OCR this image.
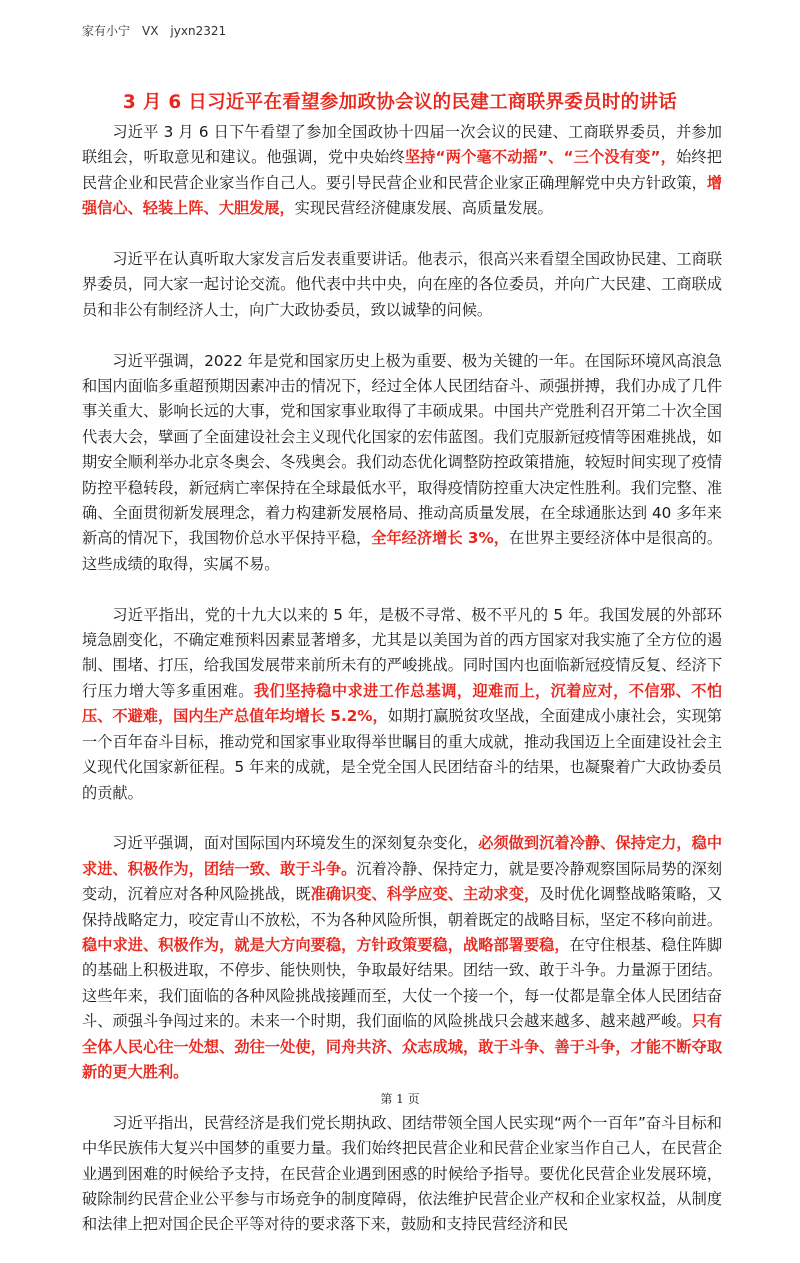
家有小宁　VX　jyxn2321
3 月 6 日习近平在看望参加政协会议的民建工商联界委员时的讲话

习近平 3 月 6 日下午看望了参加全国政协十四届一次会议的民建、工商联界委员，并参加联组会，听取意见和建议。他强调，党中央始终坚持“两个毫不动摇”、“三个没有变”，始终把民营企业和民营企业家当作自己人。要引导民营企业和民营企业家正确理解党中央方针政策，增强信心、轻装上阵、大胆发展，实现民营经济健康发展、高质量发展。

习近平在认真听取大家发言后发表重要讲话。他表示，很高兴来看望全国政协民建、工商联界委员，同大家一起讨论交流。他代表中共中央，向在座的各位委员，并向广大民建、工商联成员和非公有制经济人士，向广大政协委员，致以诚挚的问候。

习近平强调，2022 年是党和国家历史上极为重要、极为关键的一年。在国际环境风高浪急和国内面临多重超预期因素冲击的情况下，经过全体人民团结奋斗、顽强拼搏，我们办成了几件事关重大、影响长远的大事，党和国家事业取得了丰硕成果。中国共产党胜利召开第二十次全国代表大会，擘画了全面建设社会主义现代化国家的宏伟蓝图。我们克服新冠疫情等困难挑战，如期安全顺利举办北京冬奥会、冬残奥会。我们动态优化调整防控政策措施，较短时间实现了疫情防控平稳转段，新冠病亡率保持在全球最低水平，取得疫情防控重大决定性胜利。我们完整、准确、全面贯彻新发展理念，着力构建新发展格局、推动高质量发展，在全球通胀达到 40 多年来新高的情况下，我国物价总水平保持平稳，全年经济增长 3%，在世界主要经济体中是很高的。这些成绩的取得，实属不易。

习近平指出，党的十九大以来的 5 年，是极不寻常、极不平凡的 5 年。我国发展的外部环境急剧变化，不确定难预料因素显著增多，尤其是以美国为首的西方国家对我实施了全方位的遏制、围堵、打压，给我国发展带来前所未有的严峻挑战。同时国内也面临新冠疫情反复、经济下行压力增大等多重困难。我们坚持稳中求进工作总基调，迎难而上，沉着应对，不信邪、不怕压、不避难，国内生产总值年均增长 5.2%，如期打赢脱贫攻坚战，全面建成小康社会，实现第一个百年奋斗目标，推动党和国家事业取得举世瞩目的重大成就，推动我国迈上全面建设社会主义现代化国家新征程。5 年来的成就，是全党全国人民团结奋斗的结果，也凝聚着广大政协委员的贡献。

习近平强调，面对国际国内环境发生的深刻复杂变化，必须做到沉着冷静、保持定力，稳中求进、积极作为，团结一致、敢于斗争。沉着冷静、保持定力，就是要冷静观察国际局势的深刻变动，沉着应对各种风险挑战，既准确识变、科学应变、主动求变，及时优化调整战略策略，又保持战略定力，咬定青山不放松，不为各种风险所惧，朝着既定的战略目标，坚定不移向前进。稳中求进、积极作为，就是大方向要稳，方针政策要稳，战略部署要稳，在守住根基、稳住阵脚的基础上积极进取，不停步、能快则快，争取最好结果。团结一致、敢于斗争。力量源于团结。这些年来，我们面临的各种风险挑战接踵而至，大仗一个接一个，每一仗都是靠全体人民团结奋斗、顽强斗争闯过来的。未来一个时期，我们面临的风险挑战只会越来越多、越来越严峻。只有全体人民心往一处想、劲往一处使，同舟共济、众志成城，敢于斗争、善于斗争，才能不断夺取新的更大胜利。

习近平指出，民营经济是我们党长期执政、团结带领全国人民实现“两个一百年”奋斗目标和中华民族伟大复兴中国梦的重要力量。我们始终把民营企业和民营企业家当作自己人，在民营企业遇到困难的时候给予支持，在民营企业遇到困惑的时候给予指导。要优化民营企业发展环境，破除制约民营企业公平参与市场竞争的制度障碍，依法维护民营企业产权和企业家权益，从制度和法律上把对国企民企平等对待的要求落下来，鼓励和支持民营经济和民

第 1 页
